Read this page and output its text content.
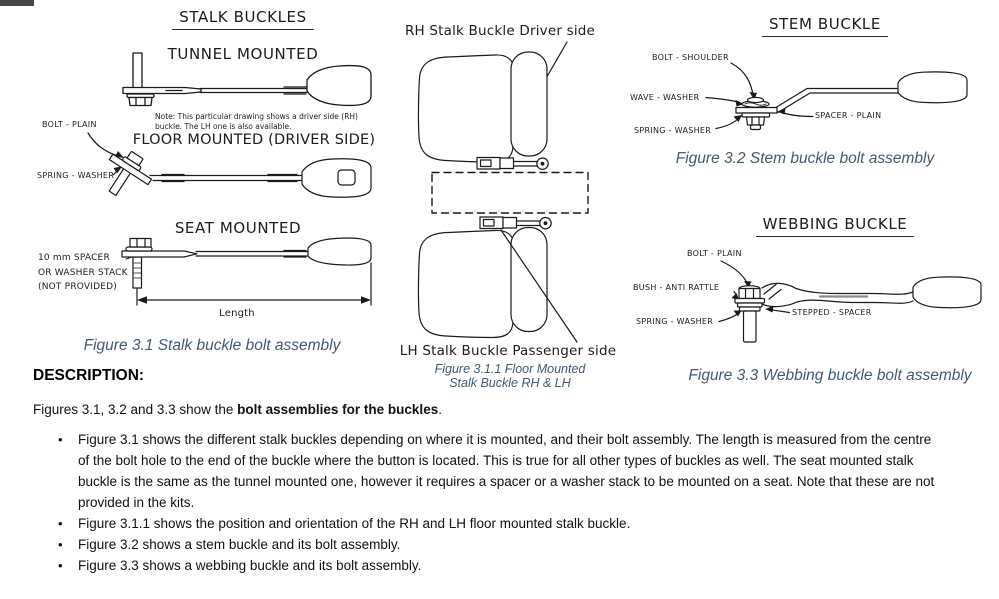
STALK BUCKLES
TUNNEL MOUNTED
Note: This particular drawing shows a driver side (RH)
buckle. The LH one is also available.
FLOOR MOUNTED (DRIVER SIDE)
BOLT - PLAIN
SPRING - WASHER
SEAT MOUNTED
10 mm SPACER
OR WASHER STACK
(NOT PROVIDED)
Length
Figure 3.1 Stalk buckle bolt assembly
RH Stalk Buckle Driver side
LH Stalk Buckle Passenger side
Figure 3.1.1 Floor Mounted
Stalk Buckle RH & LH
STEM BUCKLE
BOLT - SHOULDER
WAVE - WASHER
SPRING - WASHER
SPACER - PLAIN
Figure 3.2 Stem buckle bolt assembly
WEBBING BUCKLE
BOLT - PLAIN
BUSH - ANTI RATTLE
SPRING - WASHER
STEPPED - SPACER
Figure 3.3 Webbing buckle bolt assembly
DESCRIPTION:
Figures 3.1, 3.2 and 3.3 show the bolt assemblies for the buckles.
• Figure 3.1 shows the different stalk buckles depending on where it is mounted, and their bolt assembly. The length is measured from the centre of the bolt hole to the end of the buckle where the button is located. This is true for all other types of buckles as well. The seat mounted stalk buckle is the same as the tunnel mounted one, however it requires a spacer or a washer stack to be mounted on a seat. Note that these are not provided in the kits.
• Figure 3.1.1 shows the position and orientation of the RH and LH floor mounted stalk buckle.
• Figure 3.2 shows a stem buckle and its bolt assembly.
• Figure 3.3 shows a webbing buckle and its bolt assembly.
